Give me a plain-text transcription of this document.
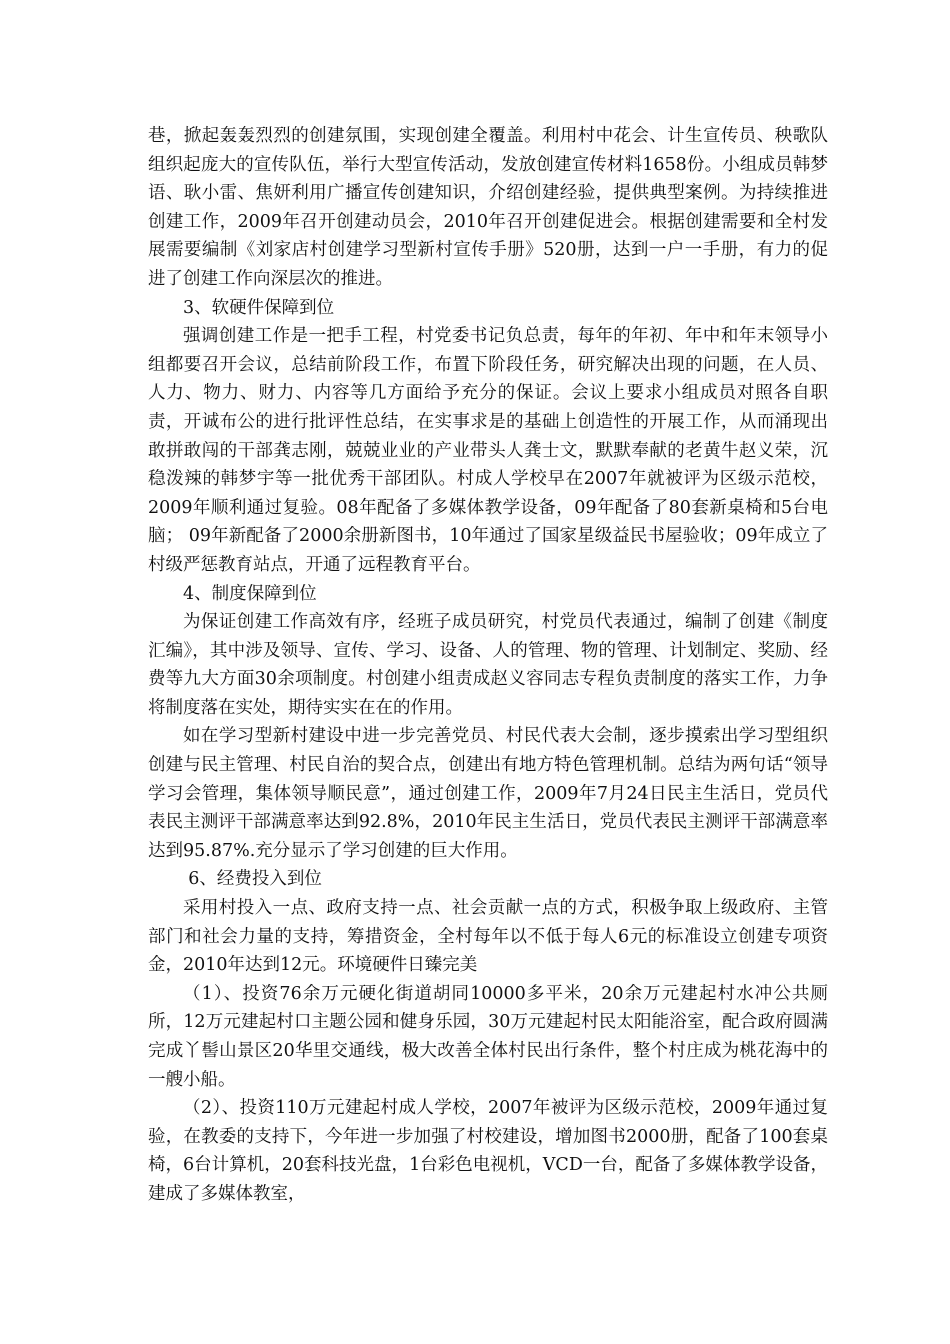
巷，掀起轰轰烈烈的创建氛围，实现创建全覆盖。利用村中花会、计生宣传员、秧歌队组织起庞大的宣传队伍，举行大型宣传活动，发放创建宣传材料1658份。小组成员韩梦语、耿小雷、焦妍利用广播宣传创建知识，介绍创建经验，提供典型案例。为持续推进创建工作，2009年召开创建动员会，2010年召开创建促进会。根据创建需要和全村发展需要编制《刘家店村创建学习型新村宣传手册》520册，达到一户一手册，有力的促进了创建工作向深层次的推进。

3、软硬件保障到位

强调创建工作是一把手工程，村党委书记负总责，每年的年初、年中和年末领导小组都要召开会议，总结前阶段工作，布置下阶段任务，研究解决出现的问题，在人员、人力、物力、财力、内容等几方面给予充分的保证。会议上要求小组成员对照各自职责，开诚布公的进行批评性总结，在实事求是的基础上创造性的开展工作，从而涌现出敢拼敢闯的干部龚志刚，兢兢业业的产业带头人龚士文，默默奉献的老黄牛赵义荣，沉稳泼辣的韩梦宇等一批优秀干部团队。村成人学校早在2007年就被评为区级示范校，2009年顺利通过复验。08年配备了多媒体教学设备，09年配备了80套新桌椅和5台电脑； 09年新配备了2000余册新图书，10年通过了国家星级益民书屋验收；09年成立了村级严惩教育站点，开通了远程教育平台。

4、制度保障到位

为保证创建工作高效有序，经班子成员研究，村党员代表通过，编制了创建《制度汇编》，其中涉及领导、宣传、学习、设备、人的管理、物的管理、计划制定、奖励、经费等九大方面30余项制度。村创建小组责成赵义容同志专程负责制度的落实工作，力争将制度落在实处，期待实实在在的作用。

如在学习型新村建设中进一步完善党员、村民代表大会制，逐步摸索出学习型组织创建与民主管理、村民自治的契合点，创建出有地方特色管理机制。总结为两句话“领导学习会管理，集体领导顺民意”，通过创建工作，2009年7月24日民主生活日，党员代表民主测评干部满意率达到92.8%，2010年民主生活日，党员代表民主测评干部满意率达到95.87%.充分显示了学习创建的巨大作用。

6、经费投入到位

采用村投入一点、政府支持一点、社会贡献一点的方式，积极争取上级政府、主管部门和社会力量的支持，筹措资金，全村每年以不低于每人6元的标准设立创建专项资金，2010年达到12元。环境硬件日臻完美

（1）、投资76余万元硬化街道胡同10000多平米，20余万元建起村水冲公共厕所，12万元建起村口主题公园和健身乐园，30万元建起村民太阳能浴室，配合政府圆满完成丫髻山景区20华里交通线，极大改善全体村民出行条件，整个村庄成为桃花海中的一艘小船。

（2）、投资110万元建起村成人学校，2007年被评为区级示范校，2009年通过复验，在教委的支持下，今年进一步加强了村校建设，增加图书2000册，配备了100套桌椅，6台计算机，20套科技光盘，1台彩色电视机，VCD一台，配备了多媒体教学设备，建成了多媒体教室，
